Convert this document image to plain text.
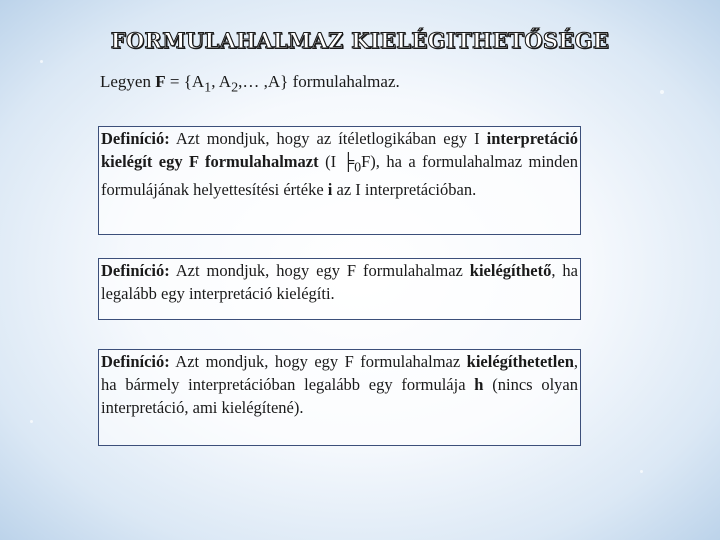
FORMULAHALMAZ KIELÉGITHETŐSÉGE
Legyen $F = \{A_1$, $A_2,\dots$ ,A} formulahalmaz.
Definíció: Azt mondjuk, hogy az ítéletlogikában egy I interpretáció kielégít egy F formulahalmazt (I $╞_0F$), ha a formulahalmaz minden formulájának helyettesítési értéke i az I interpretációban.
Definíció: Azt mondjuk, hogy egy F formulahalmaz kielégíthető, ha legalább egy interpretáció kielégíti.
Definíció: Azt mondjuk, hogy egy F formulahalmaz kielégíthetetlen, ha bármely interpretációban legalább egy formulája h (nincs olyan interpretáció, ami kielégítené).
